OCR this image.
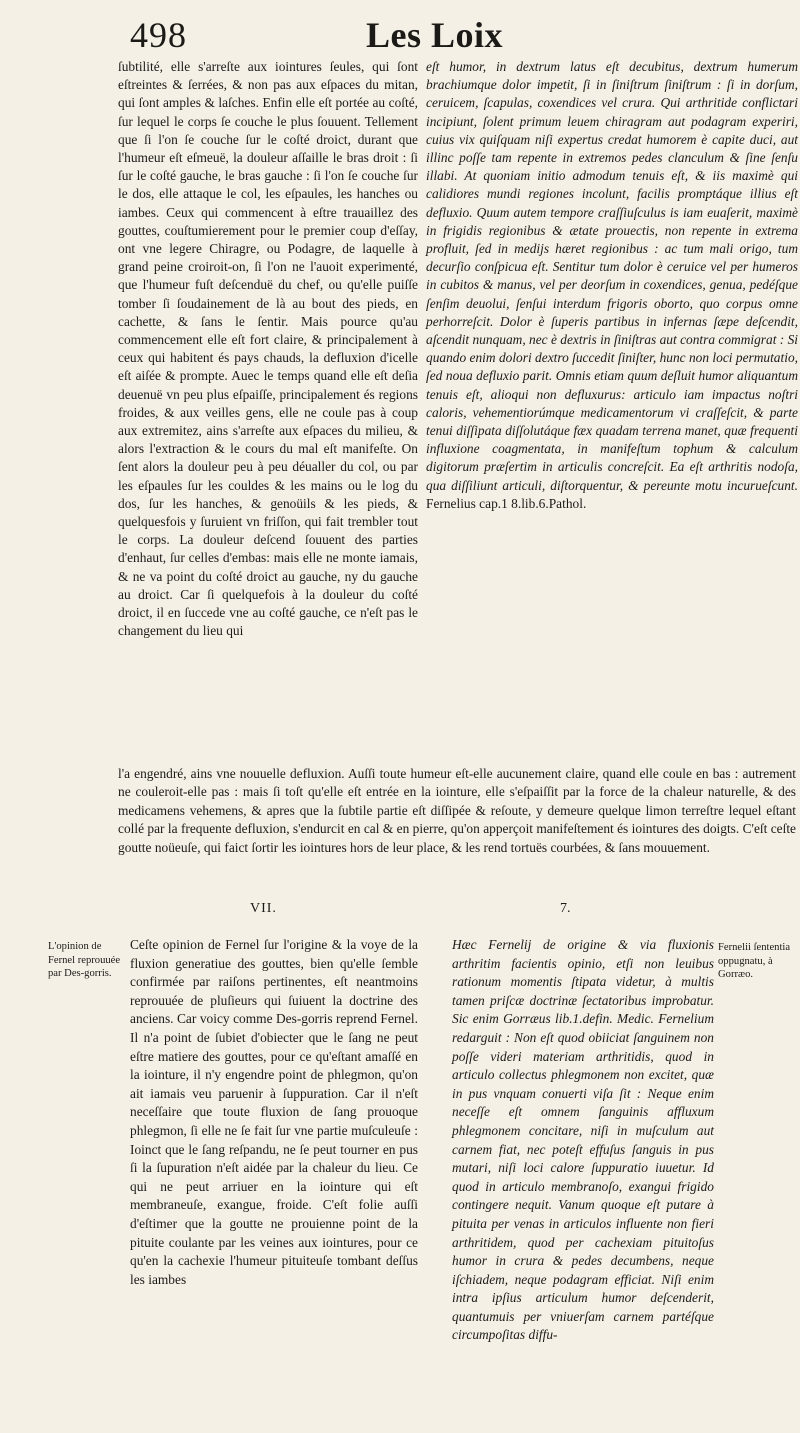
498	Les Loix
ſubtilité, elle s'arreſte aux iointures ſeules, qui ſont eſtreintes & ſerrées, & non pas aux eſpaces du mitan, qui ſont amples & laſches. Enfin elle eſt portée au coſté, ſur lequel le corps ſe couche le plus ſouuent. Tellement que ſi l'on ſe couche ſur le coſté droict, durant que l'humeur eſt eſmeuë, la douleur aſſaille le bras droit : ſi ſur le coſté gauche, le bras gauche : ſi l'on ſe couche ſur le dos, elle attaque le col, les eſpaules, les hanches ou iambes. Ceux qui commencent à eſtre trauaillez des gouttes, couſtumierement pour le premier coup d'eſſay, ont vne legere Chiragre, ou Podagre, de laquelle à grand peine croiroit-on, ſi l'on ne l'auoit experimenté, que l'humeur fuſt deſcenduë du chef, ou qu'elle puiſſe tomber ſi ſoudainement de là au bout des pieds, en cachette, & ſans le ſentir. Mais pource qu'au commencement elle eſt fort claire, & principalement à ceux qui habitent és pays chauds, la defluxion d'icelle eſt aiſée & prompte. Auec le temps quand elle eſt deſia deuenuë vn peu plus eſpaiſſe, principalement és regions froides, & aux veilles gens, elle ne coule pas à coup aux extremitez, ains s'arreſte aux eſpaces du milieu, & alors l'extraction & le cours du mal eſt manifeſte. On ſent alors la douleur peu à peu déualler du col, ou par les eſpaules ſur les couldes & les mains ou le log du dos, ſur les hanches, & genoüils & les pieds, & quelquesfois y ſuruient vn friſſon, qui fait trembler tout le corps. La douleur deſcend ſouuent des parties d'enhaut, ſur celles d'embas: mais elle ne monte iamais, & ne va point du coſté droict au gauche, ny du gauche au droict. Car ſi quelquefois à la douleur du coſté droict, il en ſuccede vne au coſté gauche, ce n'eſt pas le changement du lieu qui
eſt humor, in dextrum latus eſt decubitus, dextrum humerum brachiumque dolor impetit, ſi in ſiniſtrum ſiniſtrum : ſi in dorſum, ceruicem, ſcapulas, coxendices vel crura. Qui arthritide conflictari incipiunt, ſolent primum leuem chiragram aut podagram experiri, cuius vix quiſquam niſi expertus credat humorem è capite duci, aut illinc poſſe tam repente in extremos pedes clanculum & ſine ſenſu illabi. At quoniam initio admodum tenuis eſt, & iis maximè qui calidiores mundi regiones incolunt, facilis promptáque illius eſt defluxio. Quum autem tempore craſſiuſculus is iam euaſerit, maximè in frigidis regionibus & ætate prouectis, non repente in extrema profluit, ſed in medijs hæret regionibus : ac tum mali origo, tum decurſio conſpicua eſt. Sentitur tum dolor è ceruice vel per humeros in cubitos & manus, vel per deorſum in coxendices, genua, pedéſque ſenſim deuolui, ſenſui interdum frigoris oborto, quo corpus omne perhorreſcit. Dolor è ſuperis partibus in infernas ſæpe deſcendit, aſcendit nunquam, nec è dextris in ſiniſtras aut contra commigrat : Si quando enim dolori dextro ſuccedit ſiniſter, hunc non loci permutatio, ſed noua defluxio parit. Omnis etiam quum deſluit humor aliquantum tenuis eſt, alioqui non defluxurus: articulo iam impactus noſtri caloris, vehementiorúmque medicamentorum vi craſſeſcit, & parte tenui diſſipata diſſolutáque fæx quadam terrena manet, quæ frequenti influxione coagmentata, in manifeſtum tophum & calculum digitorum præſertim in articulis concreſcit. Ea eſt arthritis nodoſa, qua diſſiliunt articuli, diſtorquentur, & pereunte motu incurueſcunt. Fernelius cap.1 8.lib.6.Pathol.
l'a engendré, ains vne nouuelle defluxion. Auſſi toute humeur eſt-elle aucunement claire, quand elle coule en bas : autrement ne couleroit-elle pas : mais ſi toſt qu'elle eſt entrée en la iointure, elle s'eſpaiſſit par la force de la chaleur naturelle, & des medicamens vehemens, & apres que la ſubtile partie eſt diſſipée & reſoute, y demeure quelque limon terreſtre lequel eſtant collé par la frequente defluxion, s'endurcit en cal & en pierre, qu'on apperçoit manifeſtement és iointures des doigts. C'eſt ceſte goutte noüeuſe, qui faict ſortir les iointures hors de leur place, & les rend tortuës courbées, & ſans mouuement.
VII.	7.
L'opinion de Fernel reprouuée par Des-gorris.
Fernelii ſententia oppugnatu, à Gorræo.
Ceſte opinion de Fernel ſur l'origine & la voye de la fluxion generatiue des gouttes, bien qu'elle ſemble confirmée par raiſons pertinentes, eſt neantmoins reprouuée de pluſieurs qui ſuiuent la doctrine des anciens. Car voicy comme Des-gorris reprend Fernel. Il n'a point de ſubiet d'obiecter que le ſang ne peut eſtre matiere des gouttes, pour ce qu'eſtant amaſſé en la iointure, il n'y engendre point de phlegmon, qu'on ait iamais veu paruenir à ſuppuration. Car il n'eſt neceſſaire que toute fluxion de ſang prouoque phlegmon, ſi elle ne ſe fait ſur vne partie muſculeuſe : Ioinct que le ſang reſpandu, ne ſe peut tourner en pus ſi la ſupuration n'eſt aidée par la chaleur du lieu. Ce qui ne peut arriuer en la iointure qui eſt membraneuſe, exangue, froide. C'eſt folie auſſi d'eſtimer que la goutte ne prouienne point de la pituite coulante par les veines aux iointures, pour ce qu'en la cachexie l'humeur pituiteuſe tombant deſſus les iambes
Hæc Fernelij de origine & via fluxionis arthritim facientis opinio, etſi non leuibus rationum momentis ſtipata videtur, à multis tamen priſcæ doctrinæ ſectatoribus improbatur. Sic enim Gorræus lib.1.defin. Medic. Fernelium redarguit : Non eſt quod obiiciat ſanguinem non poſſe videri materiam arthritidis, quod in articulo collectus phlegmonem non excitet, quæ in pus vnquam conuerti viſa ſit : Neque enim neceſſe eſt omnem ſanguinis affluxum phlegmonem concitare, niſi in muſculum aut carnem fiat, nec poteſt effuſus ſanguis in pus mutari, niſi loci calore ſuppuratio iuuetur. Id quod in articulo membranoſo, exangui frigido contingere nequit. Vanum quoque eſt putare à pituita per venas in articulos influente non fieri arthritidem, quod per cachexiam pituitoſus humor in crura & pedes decumbens, neque iſchiadem, neque podagram efficiat. Niſi enim intra ipſius articulum humor deſcenderit, quantumuis per vniuerſam carnem partéſque circumpoſitas diffu-
